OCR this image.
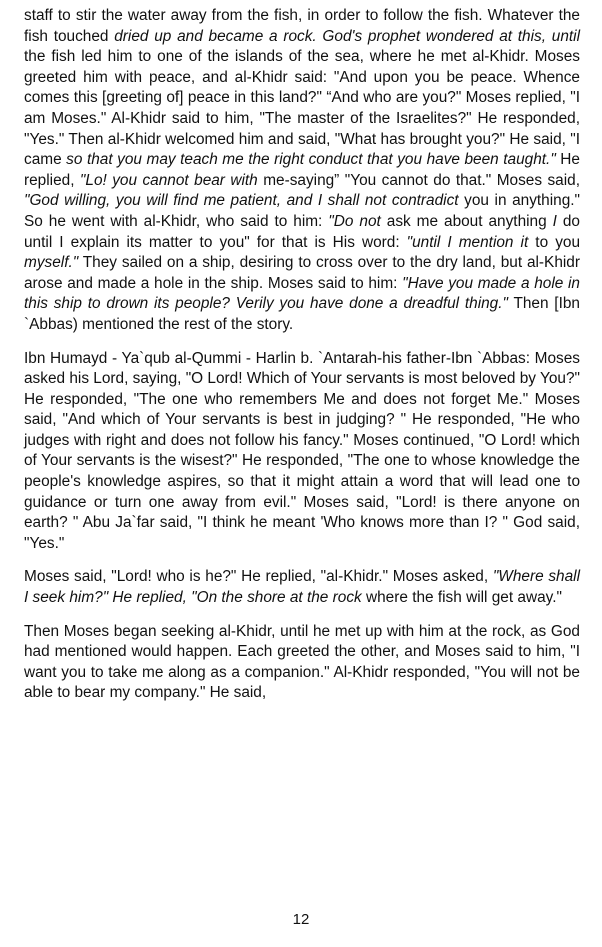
staff to stir the water away from the fish, in order to follow the fish. Whatever the fish touched dried up and became a rock. God's prophet wondered at this, until the fish led him to one of the islands of the sea, where he met al-Khidr. Moses greeted him with peace, and al-Khidr said: "And upon you be peace. Whence comes this [greeting of] peace in this land?" “And who are you?" Moses replied, "I am Moses." Al-Khidr said to him, "The master of the Israelites?" He responded, "Yes." Then al-Khidr welcomed him and said, "What has brought you?" He said, "I came so that you may teach me the right conduct that you have been taught." He replied, "Lo! you cannot bear with me-saying” "You cannot do that." Moses said, "God willing, you will find me patient, and I shall not contradict you in anything." So he went with al-Khidr, who said to him: "Do not ask me about anything I do until I explain its matter to you" for that is His word: "until I mention it to you myself." They sailed on a ship, desiring to cross over to the dry land, but al-Khidr arose and made a hole in the ship. Moses said to him: "Have you made a hole in this ship to drown its people? Verily you have done a dreadful thing." Then [Ibn `Abbas) mentioned the rest of the story.

Ibn Humayd - Ya`qub al-Qummi - Harlin b. `Antarah-his father-Ibn `Abbas: Moses asked his Lord, saying, "O Lord! Which of Your servants is most beloved by You?" He responded, "The one who remembers Me and does not forget Me." Moses said, "And which of Your servants is best in judging? " He responded, "He who judges with right and does not follow his fancy." Moses continued, "O Lord! which of Your servants is the wisest?" He responded, "The one to whose knowledge the people's knowledge aspires, so that it might attain a word that will lead one to guidance or turn one away from evil." Moses said, "Lord! is there anyone on earth? " Abu Ja`far said, "I think he meant 'Who knows more than I? " God said, "Yes."

Moses said, "Lord! who is he?" He replied, "al-Khidr." Moses asked, "Where shall I seek him?" He replied, "On the shore at the rock where the fish will get away."

Then Moses began seeking al-Khidr, until he met up with him at the rock, as God had mentioned would happen. Each greeted the other, and Moses said to him, "I want you to take me along as a companion." Al-Khidr responded, "You will not be able to bear my company." He said,

12
